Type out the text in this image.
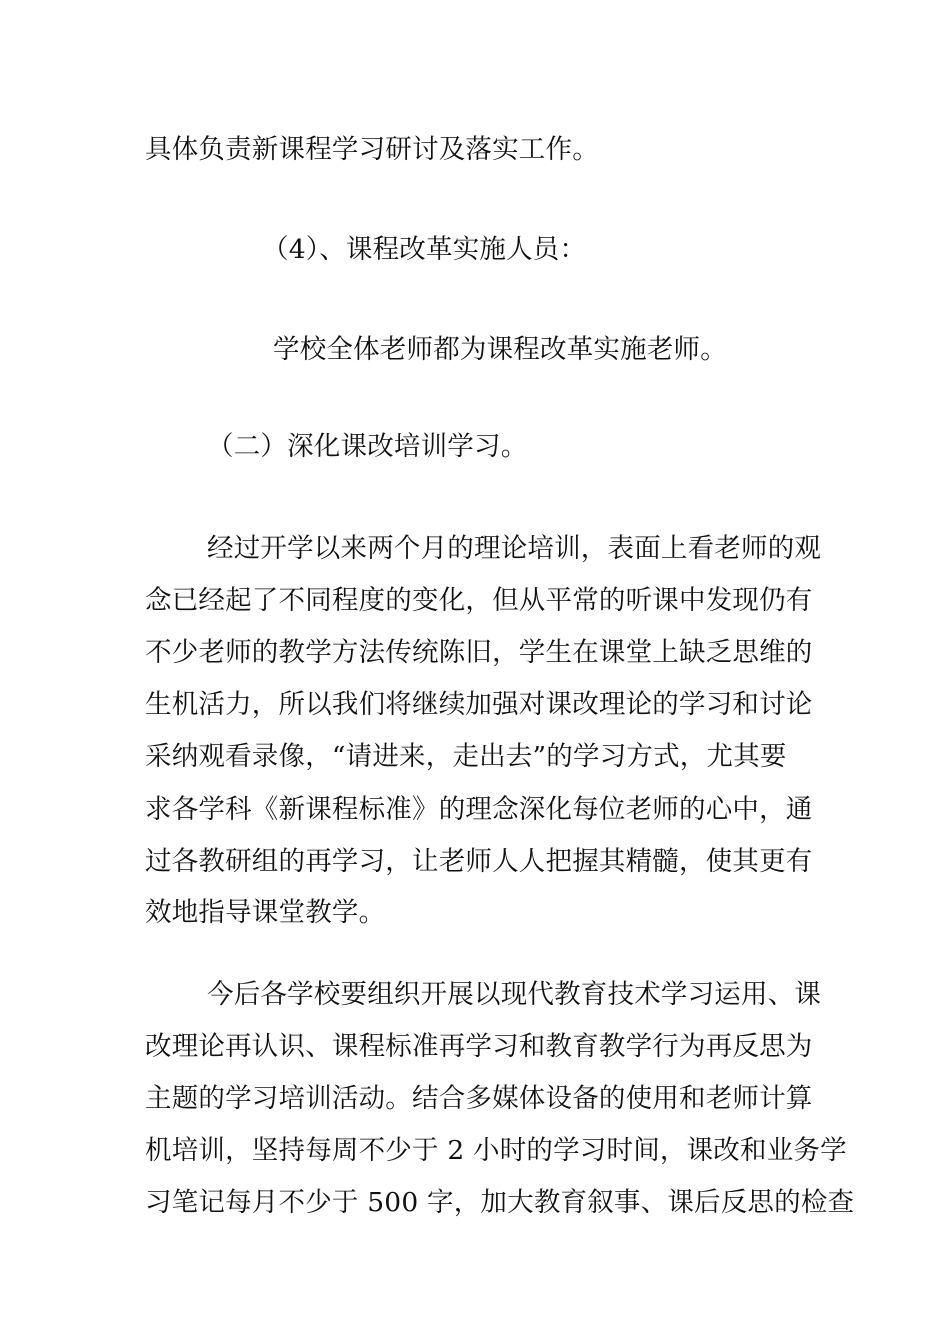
具体负责新课程学习研讨及落实工作。
（4）、课程改革实施人员：
学校全体老师都为课程改革实施老师。
（二）深化课改培训学习。
经过开学以来两个月的理论培训，表面上看老师的观
念已经起了不同程度的变化，但从平常的听课中发现仍有
不少老师的教学方法传统陈旧，学生在课堂上缺乏思维的
生机活力，所以我们将继续加强对课改理论的学习和讨论
采纳观看录像，“请进来，走出去”的学习方式，尤其要
求各学科《新课程标准》的理念深化每位老师的心中，通
过各教研组的再学习，让老师人人把握其精髓，使其更有
效地指导课堂教学。
今后各学校要组织开展以现代教育技术学习运用、课
改理论再认识、课程标准再学习和教育教学行为再反思为
主题的学习培训活动。结合多媒体设备的使用和老师计算
机培训，坚持每周不少于 2 小时的学习时间，课改和业务学
习笔记每月不少于 500 字，加大教育叙事、课后反思的检查
